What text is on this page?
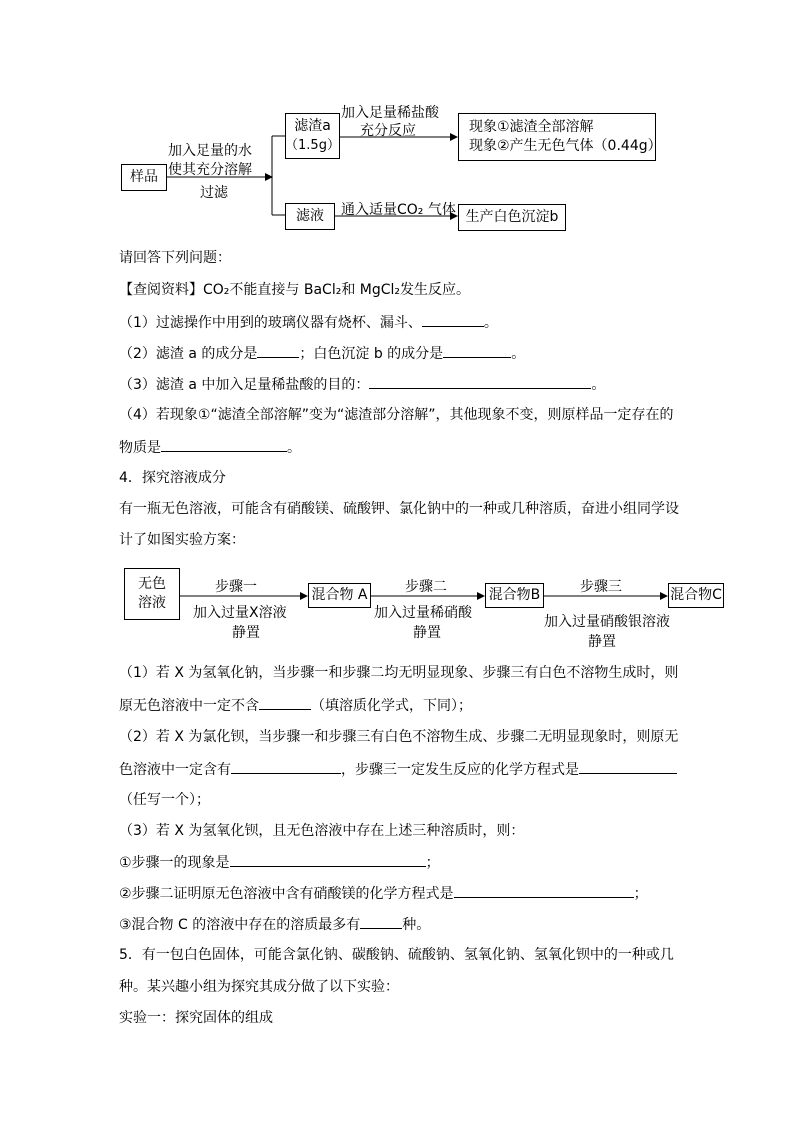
样品
加入足量的水
使其充分溶解
过滤
滤渣a
（1.5g）
加入足量稀盐酸
充分反应	现象①滤渣全部溶解
现象②产生无色气体（0.44g）
滤液 通入适量CO₂ 气体 生产白色沉淀b
请回答下列问题：
【查阅资料】CO₂不能直接与 BaCl₂和 MgCl₂发生反应。
（1）过滤操作中用到的玻璃仪器有烧杯、漏斗、	。
（2）滤渣 a 的成分是	；白色沉淀 b 的成分是	。
（3）滤渣 a 中加入足量稀盐酸的目的：	。
（4）若现象①“滤渣全部溶解”变为“滤渣部分溶解”，其他现象不变，则原样品一定存在的
物质是	。
4．探究溶液成分
有一瓶无色溶液，可能含有硝酸镁、硫酸钾、氯化钠中的一种或几种溶质，奋进小组同学设
计了如图实验方案：
无色
溶液
步骤一
加入过量X溶液
静置
混合物 A	步骤二
加入过量稀硝酸
静置
混合物B	步骤三
加入过量硝酸银溶液
静置
混合物C
（1）若 X 为氢氧化钠，当步骤一和步骤二均无明显现象、步骤三有白色不溶物生成时，则
原无色溶液中一定不含	（填溶质化学式，下同）；
（2）若 X 为氯化钡，当步骤一和步骤三有白色不溶物生成、步骤二无明显现象时，则原无
色溶液中一定含有	，步骤三一定发生反应的化学方程式是
（任写一个）；
（3）若 X 为氢氧化钡，且无色溶液中存在上述三种溶质时，则：
①步骤一的现象是	；
②步骤二证明原无色溶液中含有硝酸镁的化学方程式是	；
③混合物 C 的溶液中存在的溶质最多有	种。
5．有一包白色固体，可能含氯化钠、碳酸钠、硫酸钠、氢氧化钠、氢氧化钡中的一种或几
种。某兴趣小组为探究其成分做了以下实验：
实验一：探究固体的组成
